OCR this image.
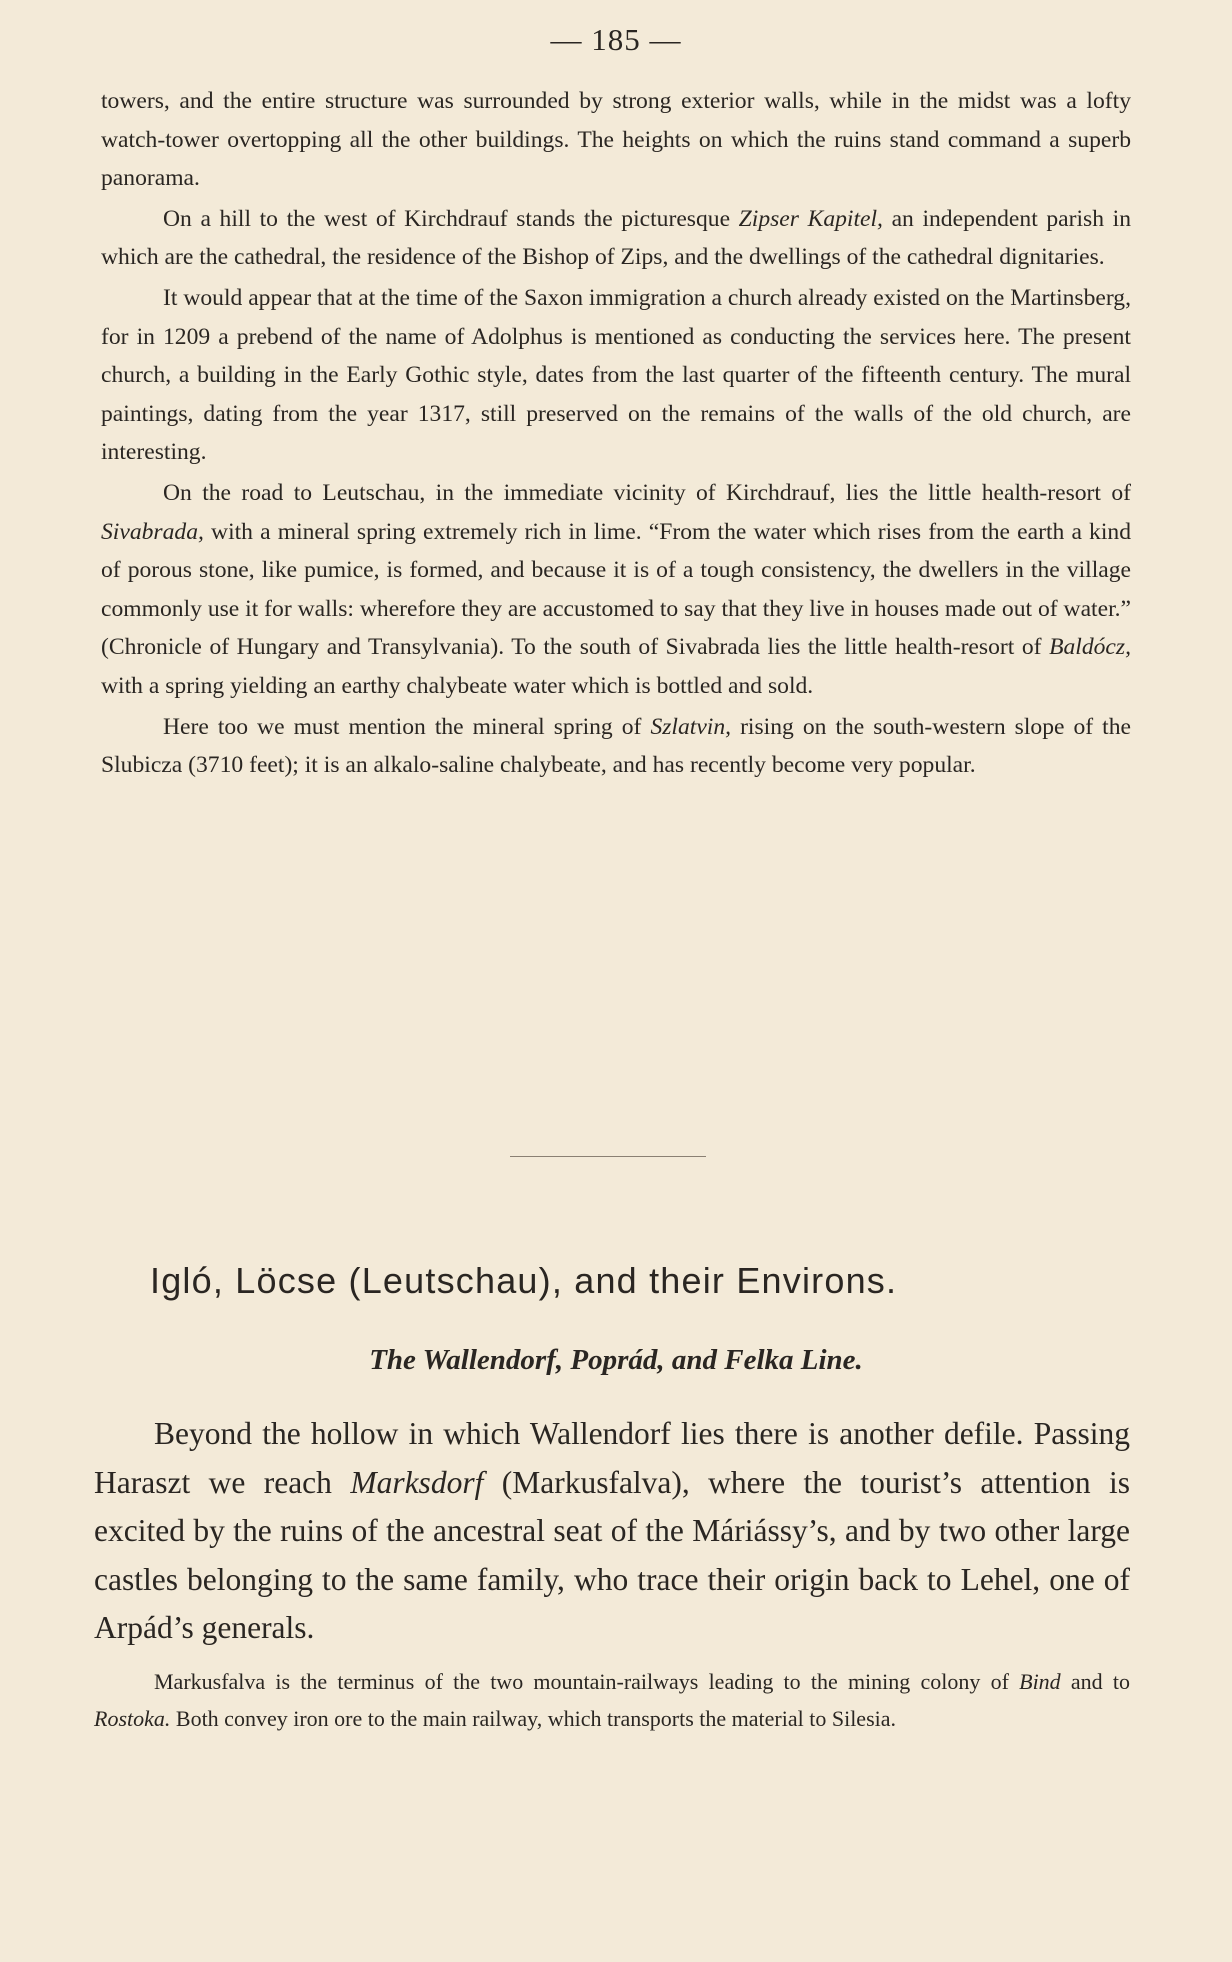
— 185 —

towers, and the entire structure was surrounded by strong exterior walls, while in the midst was a lofty watch-tower overtopping all the other buildings. The heights on which the ruins stand command a superb panorama.

On a hill to the west of Kirchdrauf stands the picturesque Zipser Kapitel, an independent parish in which are the cathedral, the residence of the Bishop of Zips, and the dwellings of the cathedral dignitaries.

It would appear that at the time of the Saxon immigration a church already existed on the Martinsberg, for in 1209 a prebend of the name of Adolphus is mentioned as conducting the services here. The present church, a building in the Early Gothic style, dates from the last quarter of the fifteenth century. The mural paintings, dating from the year 1317, still preserved on the remains of the walls of the old church, are interesting.

On the road to Leutschau, in the immediate vicinity of Kirchdrauf, lies the little health-resort of Sivabrada, with a mineral spring extremely rich in lime. “From the water which rises from the earth a kind of porous stone, like pumice, is formed, and because it is of a tough consistency, the dwellers in the village commonly use it for walls: wherefore they are accustomed to say that they live in houses made out of water.” (Chronicle of Hungary and Transylvania). To the south of Sivabrada lies the little health-resort of Baldócz, with a spring yielding an earthy chalybeate water which is bottled and sold.

Here too we must mention the mineral spring of Szlatvin, rising on the south-western slope of the Slubicza (3710 feet); it is an alkalo-saline chalybeate, and has recently become very popular.

Igló, Löcse (Leutschau), and their Environs.
The Wallendorf, Poprád, and Felka Line.

Beyond the hollow in which Wallendorf lies there is another defile. Passing Haraszt we reach Marksdorf (Markusfalva), where the tourist’s attention is excited by the ruins of the ancestral seat of the Máriássy’s, and by two other large castles belonging to the same family, who trace their origin back to Lehel, one of Arpád’s generals.

Markusfalva is the terminus of the two mountain-railways leading to the mining colony of Bind and to Rostoka. Both convey iron ore to the main railway, which transports the material to Silesia.
